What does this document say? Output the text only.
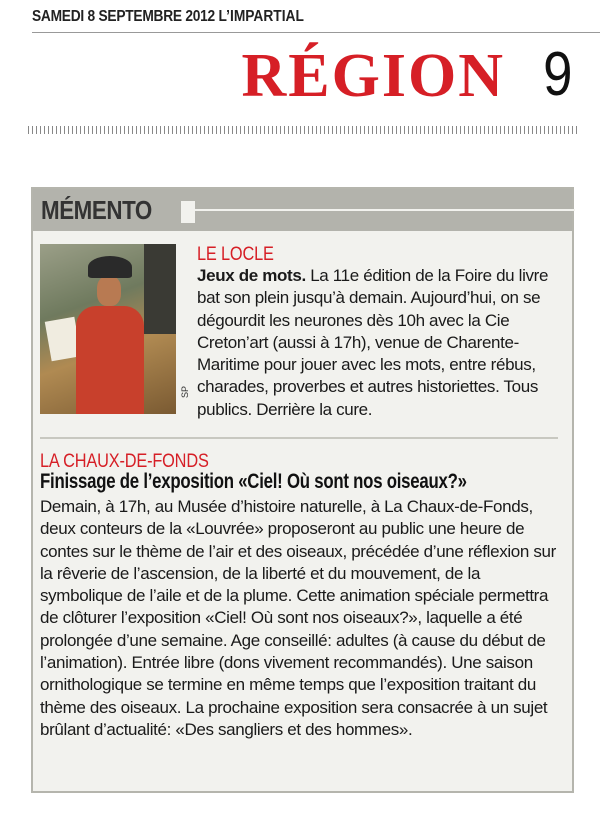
SAMEDI 8 SEPTEMBRE 2012 L’IMPARTIAL
RÉGION 9
MÉMENTO
SP
LE LOCLE
Jeux de mots. La 11e édition de la Foire du livre bat son plein jusqu’à demain. Aujourd’hui, on se dégourdit les neurones dès 10h avec la Cie Creton’art (aussi à 17h), venue de Charente-Maritime pour jouer avec les mots, entre rébus, charades, proverbes et autres historiettes. Tous publics. Derrière la cure.
LA CHAUX-DE-FONDS
Finissage de l’exposition «Ciel! Où sont nos oiseaux?»
Demain, à 17h, au Musée d’histoire naturelle, à La Chaux-de-Fonds, deux conteurs de la «Louvrée» proposeront au public une heure de contes sur le thème de l’air et des oiseaux, précédée d’une réflexion sur la rêverie de l’ascension, de la liberté et du mouvement, de la symbolique de l’aile et de la plume. Cette animation spéciale permettra de clôturer l’exposition «Ciel! Où sont nos oiseaux?», laquelle a été prolongée d’une semaine. Age conseillé: adultes (à cause du début de l’animation). Entrée libre (dons vivement recommandés). Une saison ornithologique se termine en même temps que l’exposition traitant du thème des oiseaux. La prochaine exposition sera consacrée à un sujet brûlant d’actualité: «Des sangliers et des hommes».
